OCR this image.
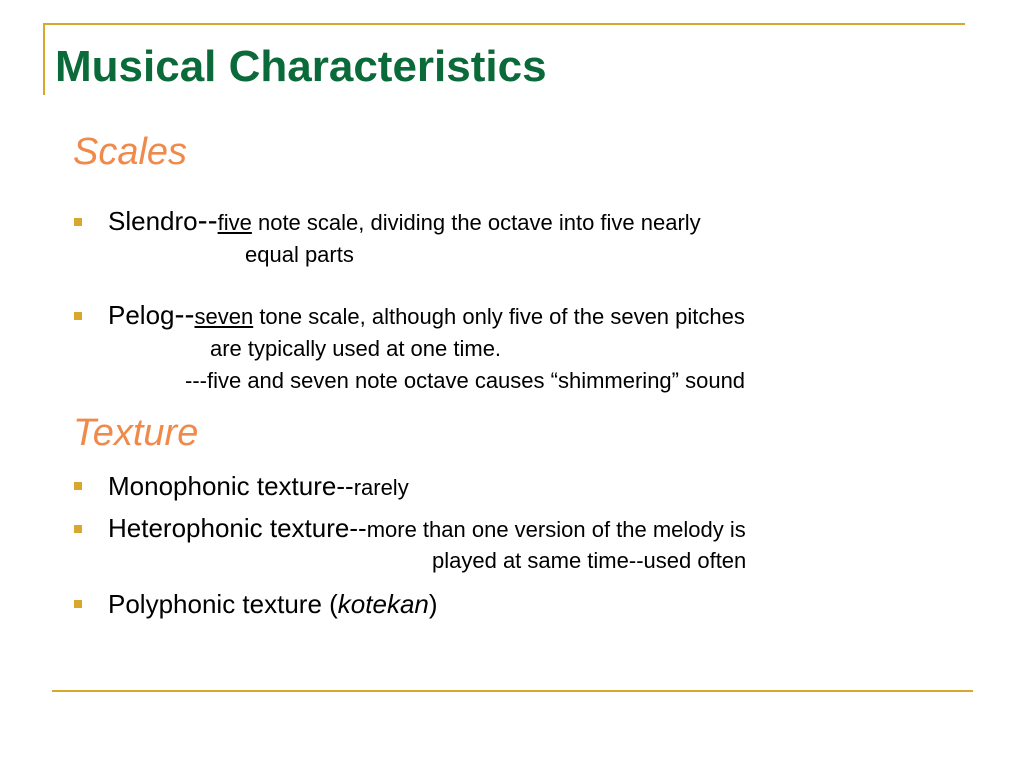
Musical Characteristics
Scales
Slendro--five note scale, dividing the octave into five nearly
equal parts
Pelog--seven tone scale, although only five of the seven pitches
are typically used at one time.
---five and seven note octave causes “shimmering” sound
Texture
Monophonic texture--rarely
Heterophonic texture--more than one version of the melody is
played at same time--used often
Polyphonic texture (kotekan)
